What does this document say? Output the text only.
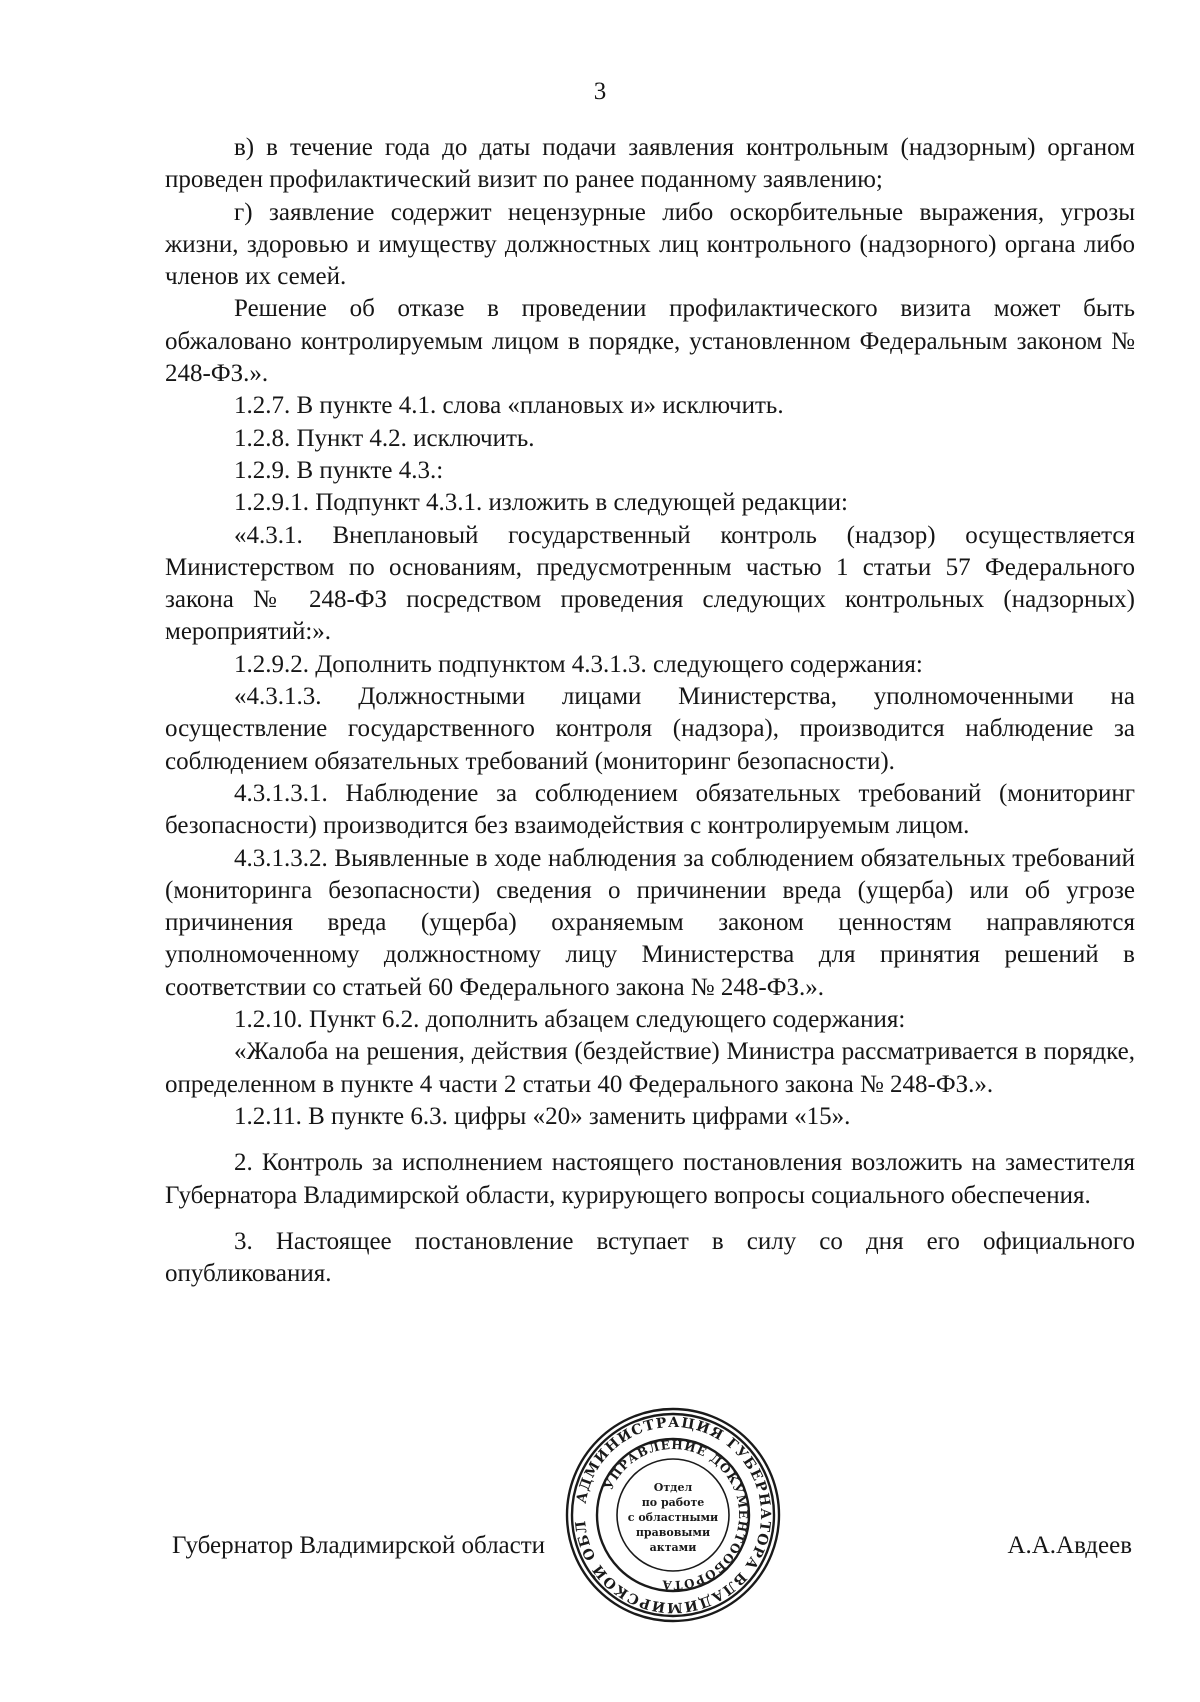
3

в) в течение года до даты подачи заявления контрольным (надзорным) органом проведен профилактический визит по ранее поданному заявлению;

г) заявление содержит нецензурные либо оскорбительные выражения, угрозы жизни, здоровью и имуществу должностных лиц контрольного (надзорного) органа либо членов их семей.

Решение об отказе в проведении профилактического визита может быть обжаловано контролируемым лицом в порядке, установленном Федеральным законом № 248-ФЗ.».

1.2.7. В пункте 4.1. слова «плановых и» исключить.

1.2.8. Пункт 4.2. исключить.

1.2.9. В пункте 4.3.:

1.2.9.1. Подпункт 4.3.1. изложить в следующей редакции:

«4.3.1. Внеплановый государственный контроль (надзор) осуществляется Министерством по основаниям, предусмотренным частью 1 статьи 57 Федерального закона № 248-ФЗ посредством проведения следующих контрольных (надзорных) мероприятий:».

1.2.9.2. Дополнить подпунктом 4.3.1.3. следующего содержания:

«4.3.1.3. Должностными лицами Министерства, уполномоченными на осуществление государственного контроля (надзора), производится наблюдение за соблюдением обязательных требований (мониторинг безопасности).

4.3.1.3.1. Наблюдение за соблюдением обязательных требований (мониторинг безопасности) производится без взаимодействия с контролируемым лицом.

4.3.1.3.2. Выявленные в ходе наблюдения за соблюдением обязательных требований (мониторинга безопасности) сведения о причинении вреда (ущерба) или об угрозе причинения вреда (ущерба) охраняемым законом ценностям направляются уполномоченному должностному лицу Министерства для принятия решений в соответствии со статьей 60 Федерального закона № 248-ФЗ.».

1.2.10. Пункт 6.2. дополнить абзацем следующего содержания:

«Жалоба на решения, действия (бездействие) Министра рассматривается в порядке, определенном в пункте 4 части 2 статьи 40 Федерального закона № 248-ФЗ.».

1.2.11. В пункте 6.3. цифры «20» заменить цифрами «15».

2. Контроль за исполнением настоящего постановления возложить на заместителя Губернатора Владимирской области, курирующего вопросы социального обеспечения.

3. Настоящее постановление вступает в силу со дня его официального опубликования.

Губернатор Владимирской области	А.А.Авдеев
АДМИНИСТРАЦИЯ ГУБЕРНАТОРА ВЛАДИМИРСКОЙ ОБЛ
УПРАВЛЕНИЕ ДОКУМЕНТООБОРОТА
Отдел
по работе
с областными
правовыми
актами
